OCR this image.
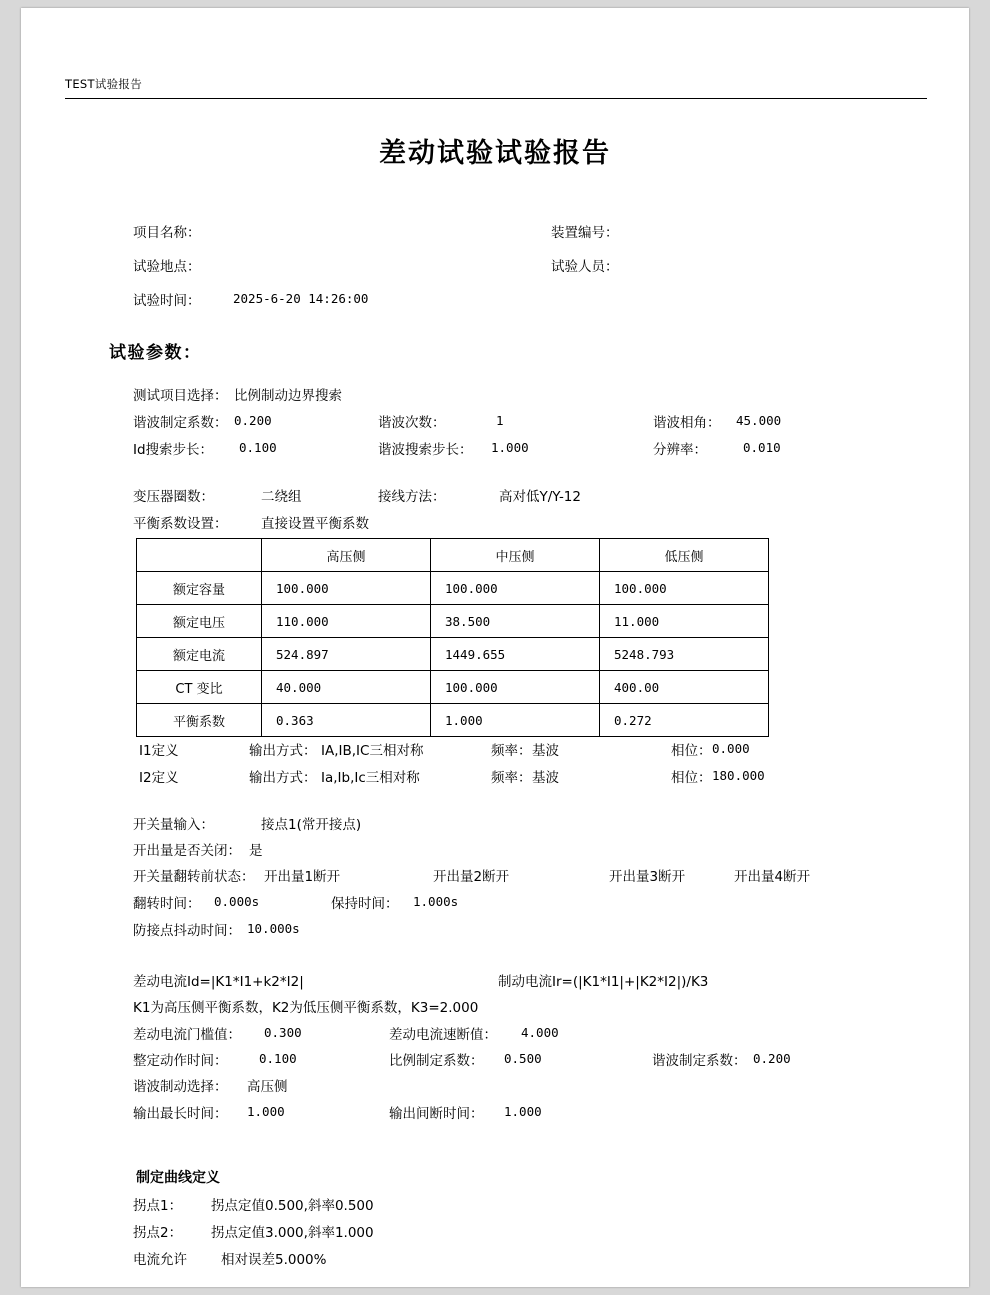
TEST试验报告
差动试验试验报告
项目名称：	装置编号：
试验地点：	试验人员：
试验时间：	2025-6-20 14:26:00
试验参数：
测试项目选择： 比例制动边界搜索
谐波制定系数： 0.200	谐波次数：	1	谐波相角： 45.000
Id搜索步长： 0.100	谐波搜索步长： 1.000	分辨率：	0.010
变压器圈数：	二绕组	接线方法：	高对低Y/Y-12
平衡系数设置： 直接设置平衡系数
	高压侧	中压侧	低压侧
额定容量	100.000	100.000	100.000
额定电压	110.000	38.500	11.000
额定电流	524.897	1449.655	5248.793
CT 变比	40.000	100.000	400.00
平衡系数	0.363	1.000	0.272
I1定义	输出方式： IA,IB,IC三相对称	频率： 基波	相位： 0.000
I2定义	输出方式： Ia,Ib,Ic三相对称	频率： 基波	相位： 180.000
开关量输入：	接点1(常开接点)
开出量是否关闭： 是
开关量翻转前状态： 开出量1断开	开出量2断开	开出量3断开	开出量4断开
翻转时间： 0.000s	保持时间： 1.000s
防接点抖动时间： 10.000s
差动电流Id=|K1*I1+k2*I2|	制动电流Ir=(|K1*I1|+|K2*I2|)/K3
K1为高压侧平衡系数，K2为低压侧平衡系数，K3=2.000
差动电流门槛值： 0.300	差动电流速断值： 4.000
整定动作时间：	0.100	比例制定系数： 0.500	谐波制定系数： 0.200
谐波制动选择： 高压侧
输出最长时间： 1.000	输出间断时间： 1.000
制定曲线定义
拐点1： 拐点定值0.500,斜率0.500
拐点2： 拐点定值3.000,斜率1.000
电流允许	相对误差5.000%
